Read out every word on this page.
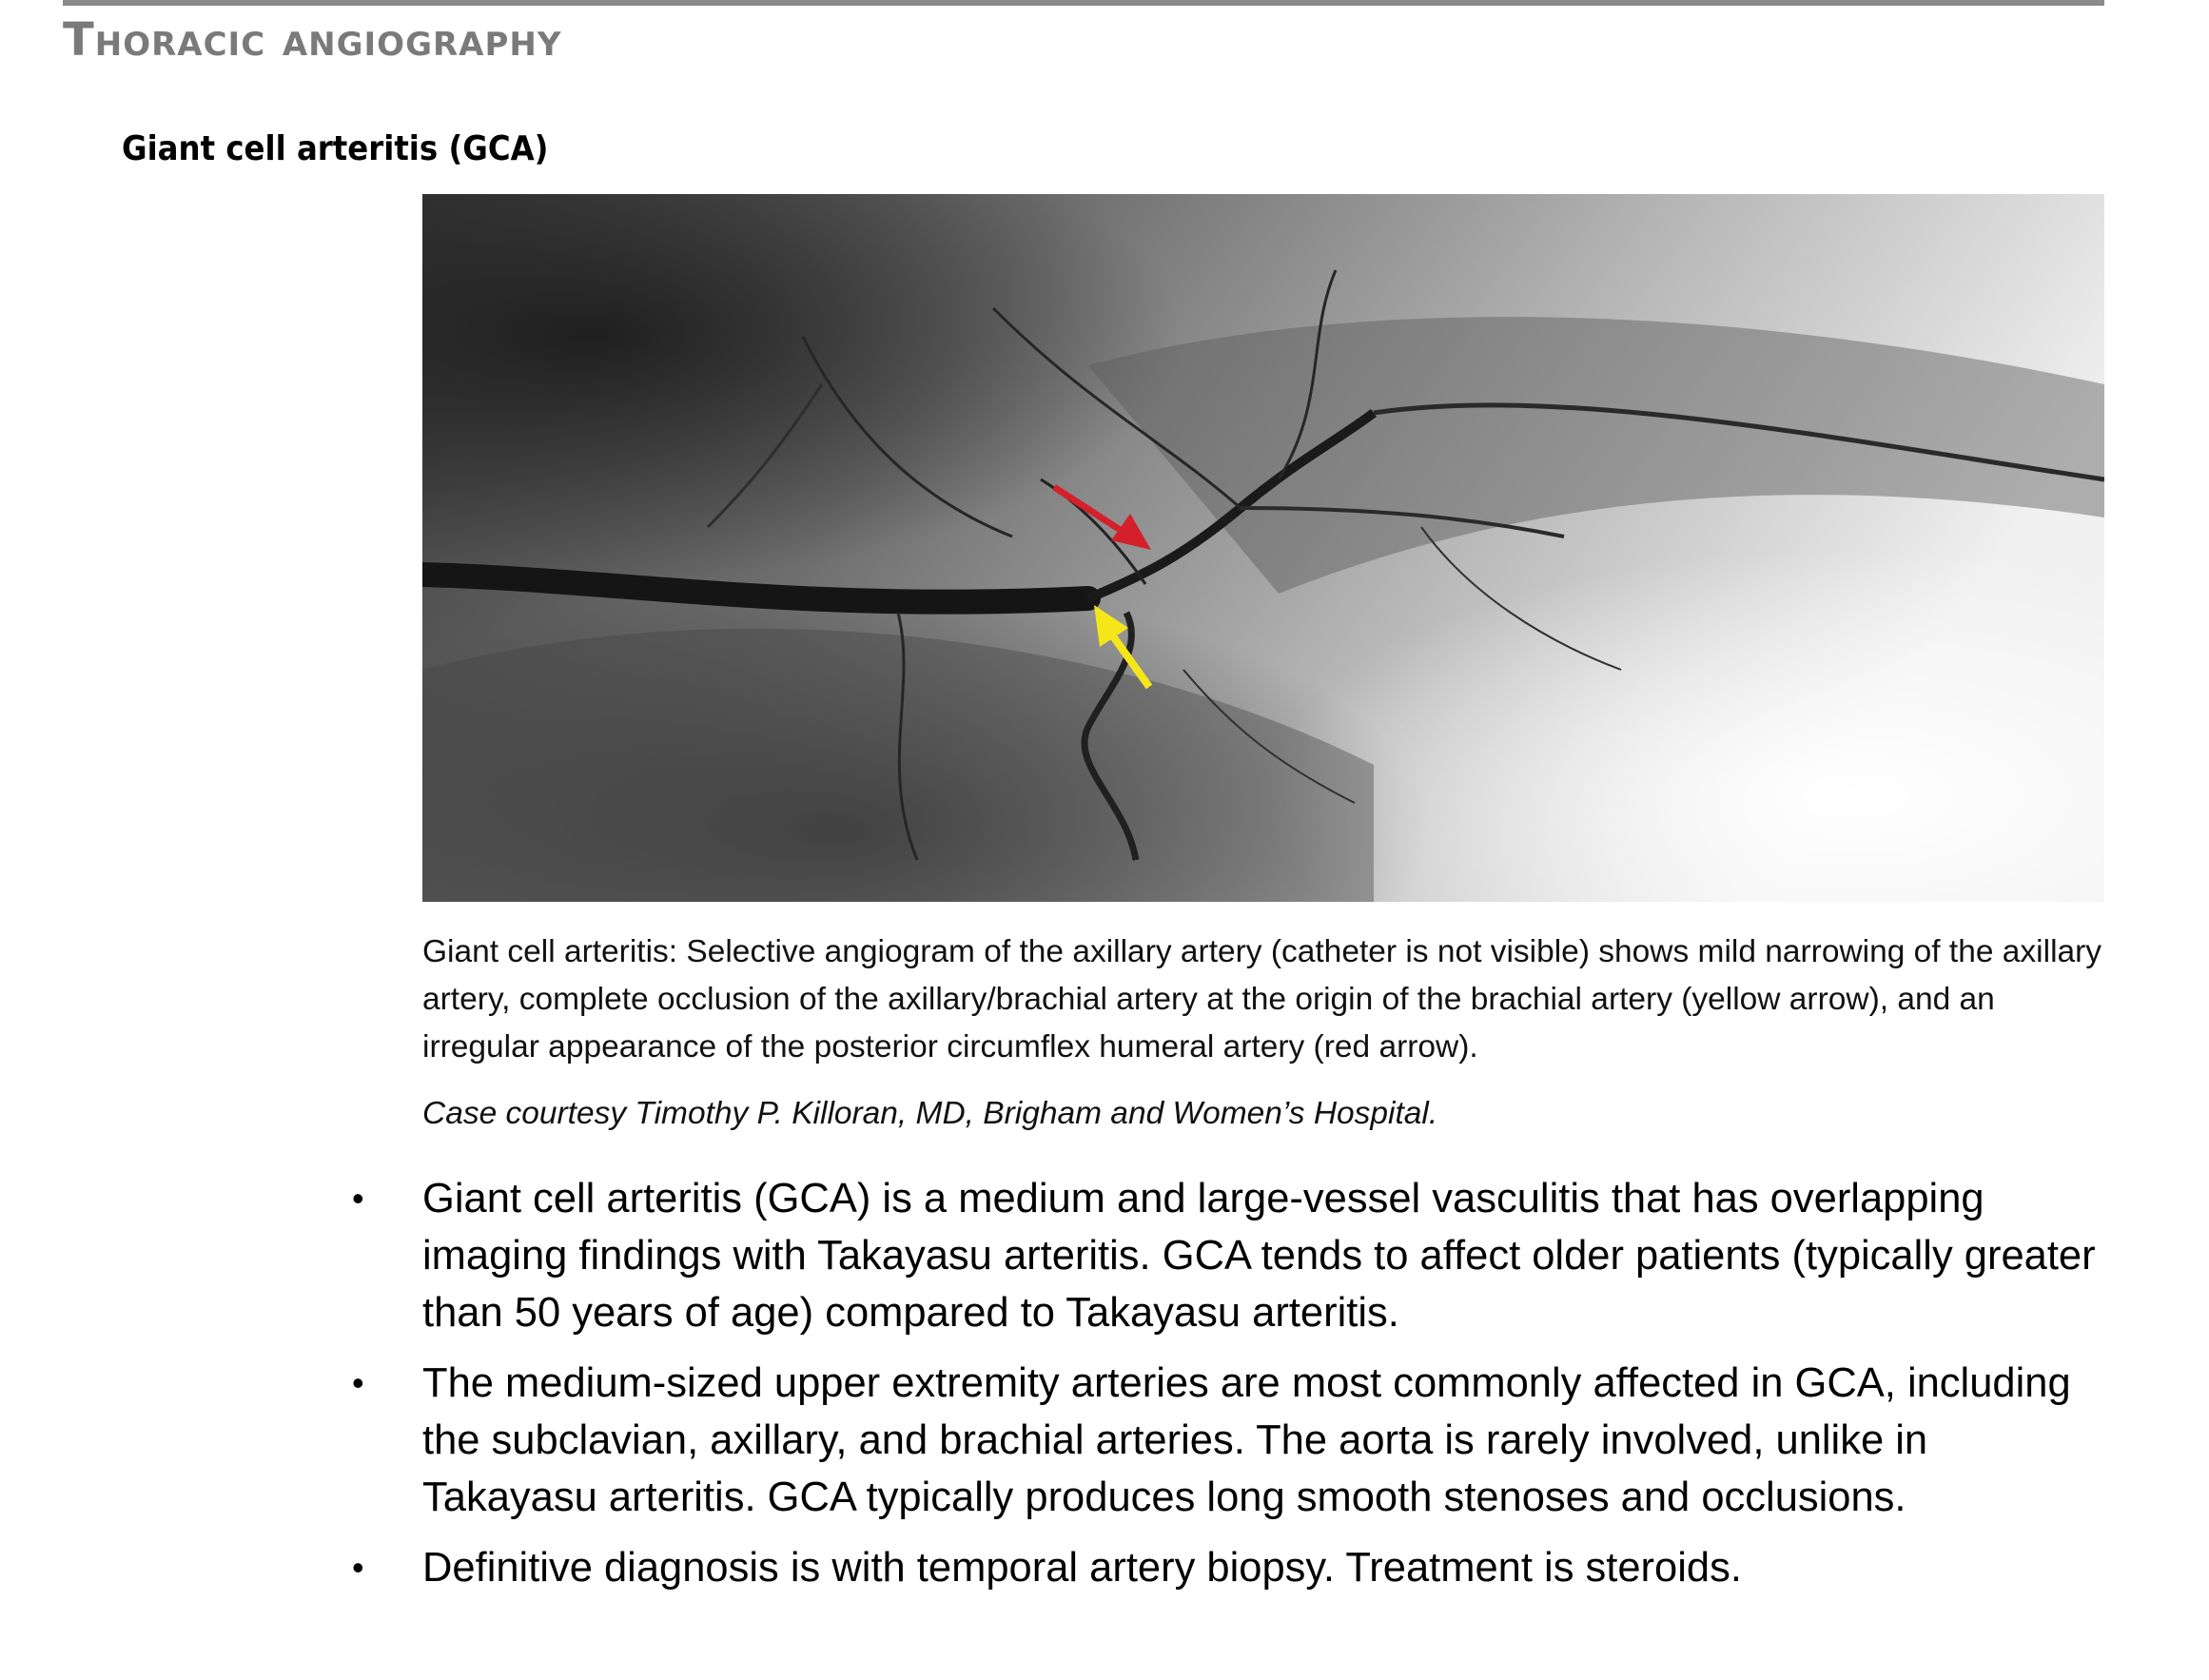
Thoracic angiography
Giant cell arteritis (GCA)

Giant cell arteritis: Selective angiogram of the axillary artery (catheter is not visible) shows mild narrowing of the axillary artery, complete occlusion of the axillary/brachial artery at the origin of the brachial artery (yellow arrow), and an irregular appearance of the posterior circumflex humeral artery (red arrow).

Case courtesy Timothy P. Killoran, MD, Brigham and Women’s Hospital.

• Giant cell arteritis (GCA) is a medium and large-vessel vasculitis that has overlapping imaging findings with Takayasu arteritis. GCA tends to affect older patients (typically greater than 50 years of age) compared to Takayasu arteritis.
• The medium-sized upper extremity arteries are most commonly affected in GCA, including the subclavian, axillary, and brachial arteries. The aorta is rarely involved, unlike in Takayasu arteritis. GCA typically produces long smooth stenoses and occlusions.
• Definitive diagnosis is with temporal artery biopsy. Treatment is steroids.
